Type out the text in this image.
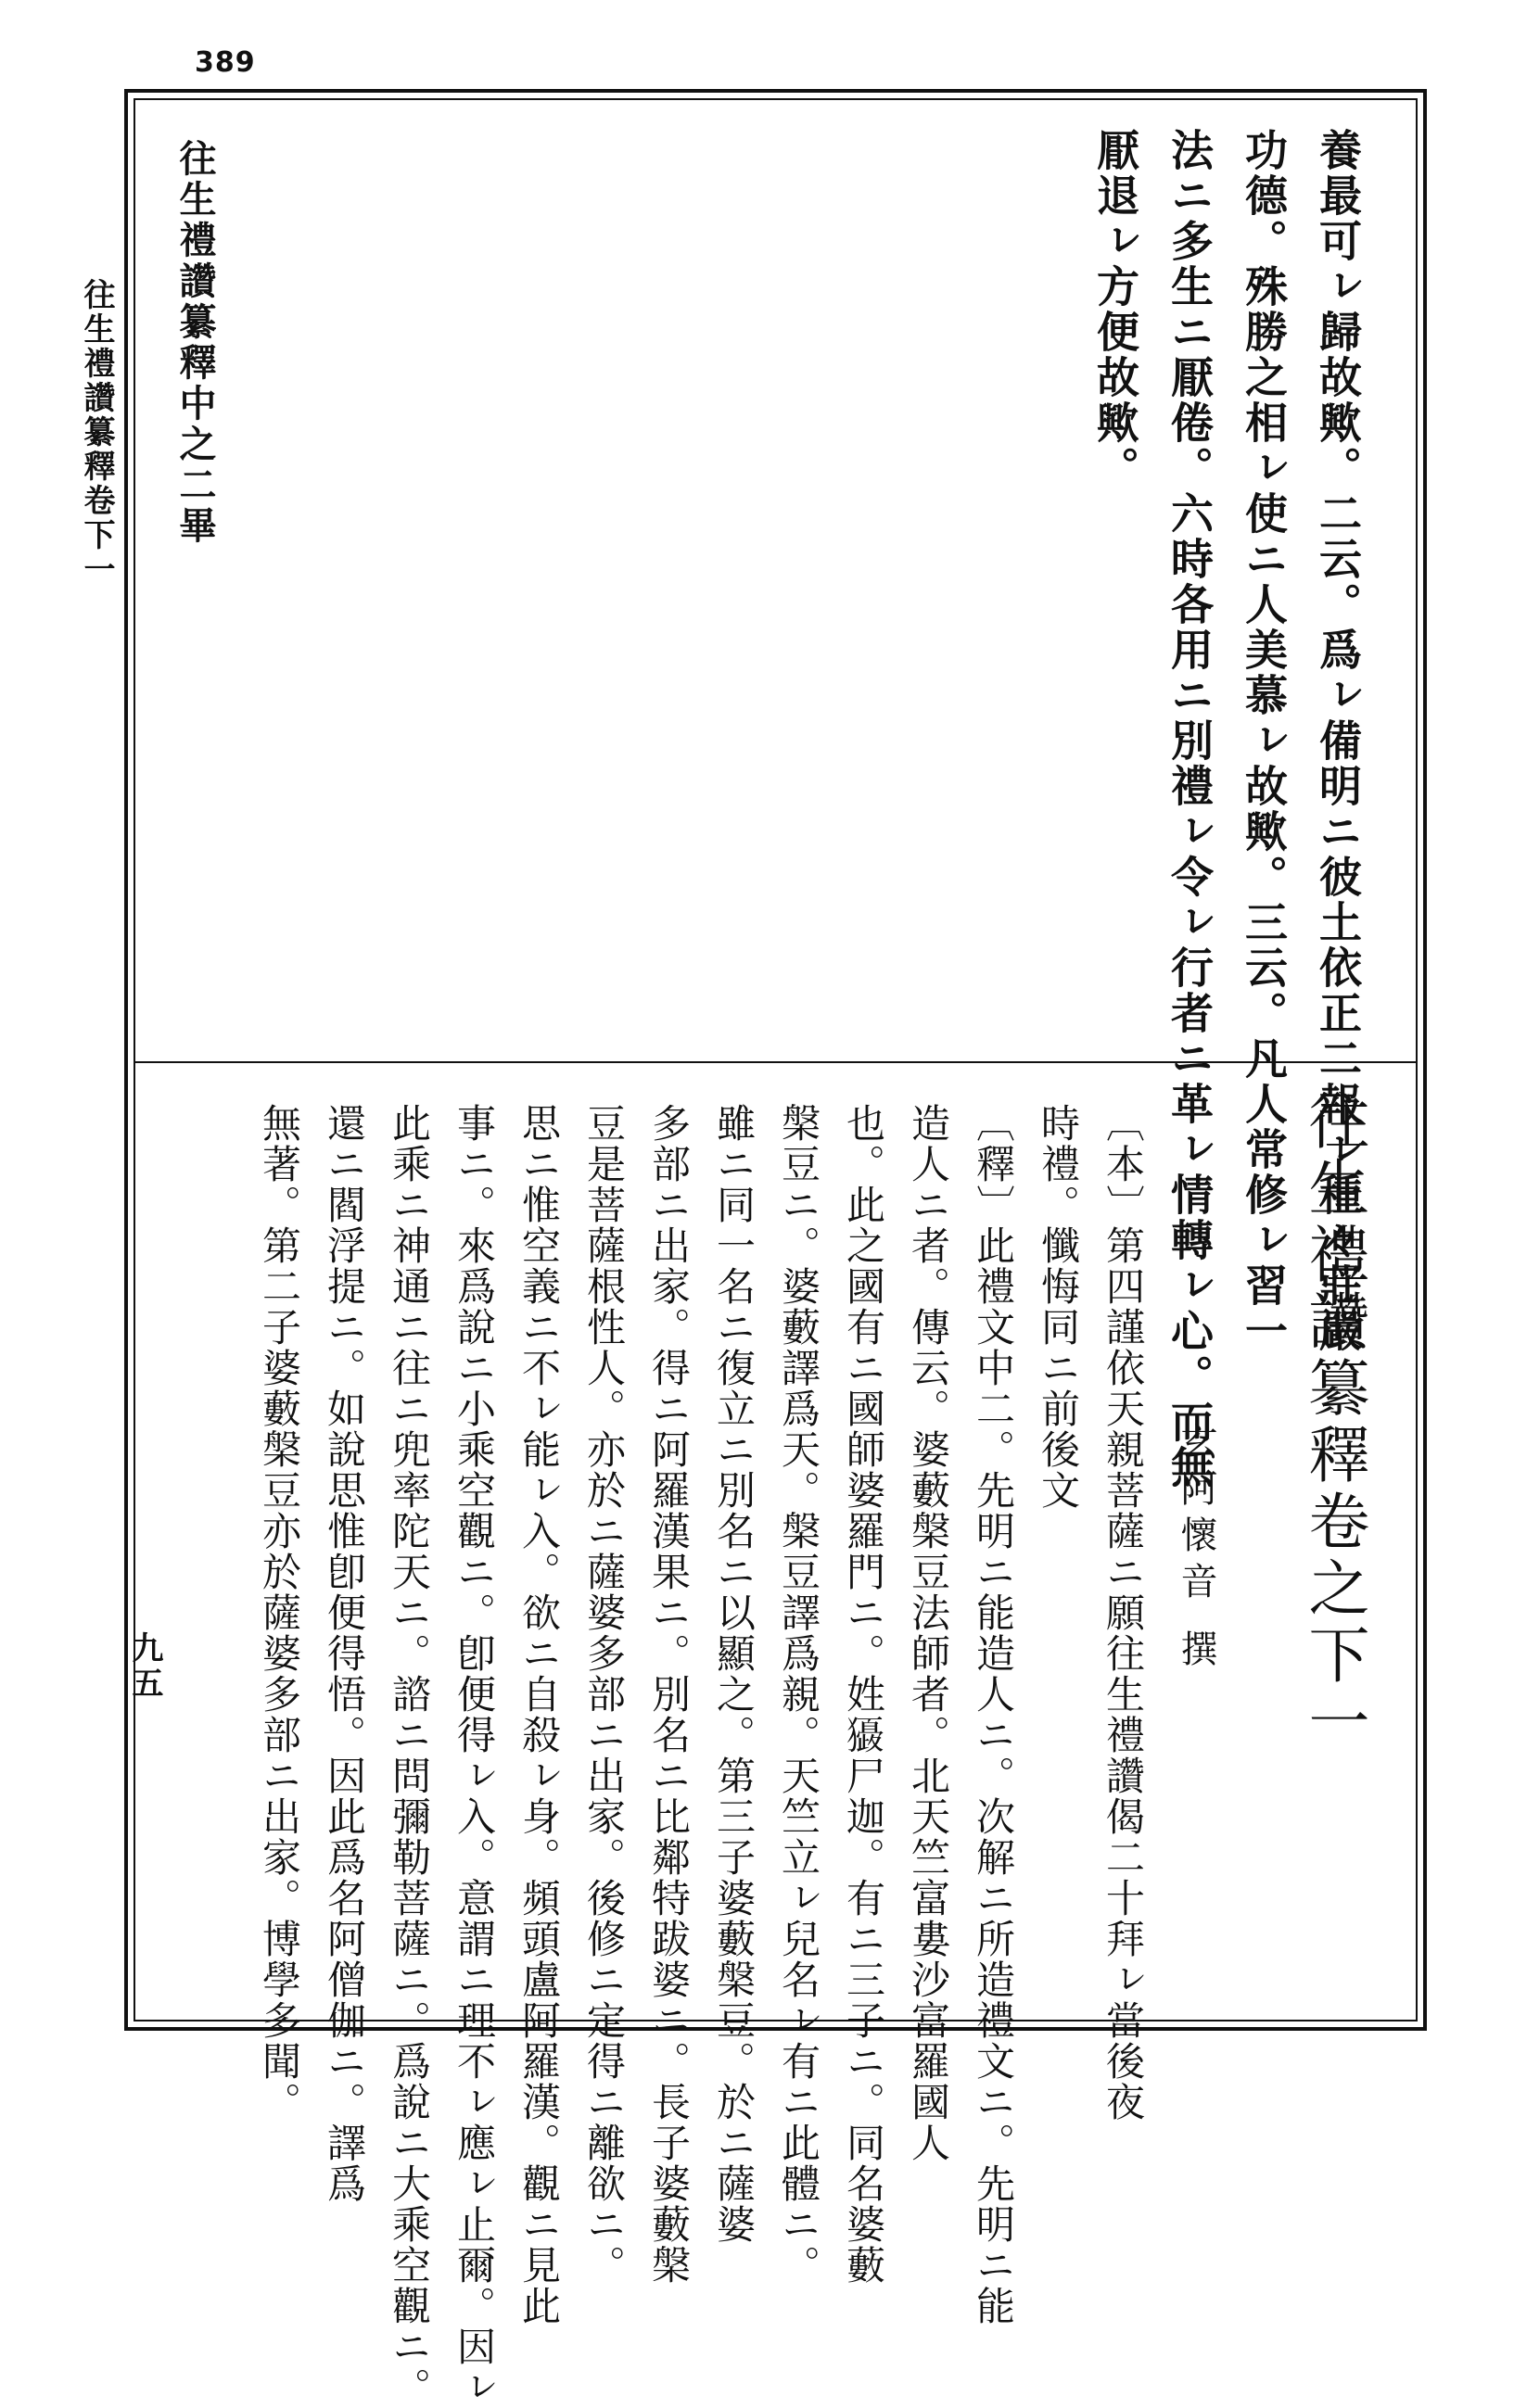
389
往生禮讚纂釋卷下一
九五
養最可ㇾ歸故歟。二云。爲ㇾ備明ニ彼土依正二報ㇾ種々莊嚴
功德。殊勝之相ㇾ使ニ人美慕ㇾ故歟。三云。凡人常修ㇾ習一
法ニ多生ニ厭倦。六時各用ニ別禮ㇾ令ㇾ行者ニ革ㇾ情轉ㇾ心。而無
厭退ㇾ方便故歟。
往生禮讚纂釋中之二畢
往生禮讚纂釋卷之下一
玄阿懷音 撰
〔本〕第四謹依天親菩薩ニ願往生禮讚偈二十拜ㇾ當後夜
時禮。懺悔同ニ前後文
〔釋〕此禮文中二。先明ニ能造人ニ。次解ニ所造禮文ニ。先明ニ能
造人ニ者。傳云。婆藪槃豆法師者。北天竺富婁沙富羅國人
也。此之國有ニ國師婆羅門ニ。姓𤣙尸迦。有ニ三子ニ。同名婆藪
槃豆ニ。婆藪譯爲天。槃豆譯爲親。天竺立ㇾ兒名ㇾ有ニ此體ニ。
雖ニ同一名ニ復立ニ別名ニ以顯之。第三子婆藪槃豆。於ニ薩婆
多部ニ出家。得ニ阿羅漢果ニ。別名ニ比鄰特跋婆ニ。長子婆藪槃
豆是菩薩根性人。亦於ニ薩婆多部ニ出家。後修ニ定得ニ離欲ニ。
思ニ惟空義ニ不ㇾ能ㇾ入。欲ニ自殺ㇾ身。頻頭盧阿羅漢。觀ニ見此
事ニ。來爲說ニ小乘空觀ニ。卽便得ㇾ入。意謂ニ理不ㇾ應ㇾ止爾。因ㇾ
此乘ニ神通ニ往ニ兜率陀天ニ。諮ニ問彌勒菩薩ニ。爲說ニ大乘空觀ニ。
還ニ閻浮提ニ。如說思惟卽便得悟。因此爲名阿僧伽ニ。譯爲
無著。第二子婆藪槃豆亦於薩婆多部ニ出家。博學多聞。
